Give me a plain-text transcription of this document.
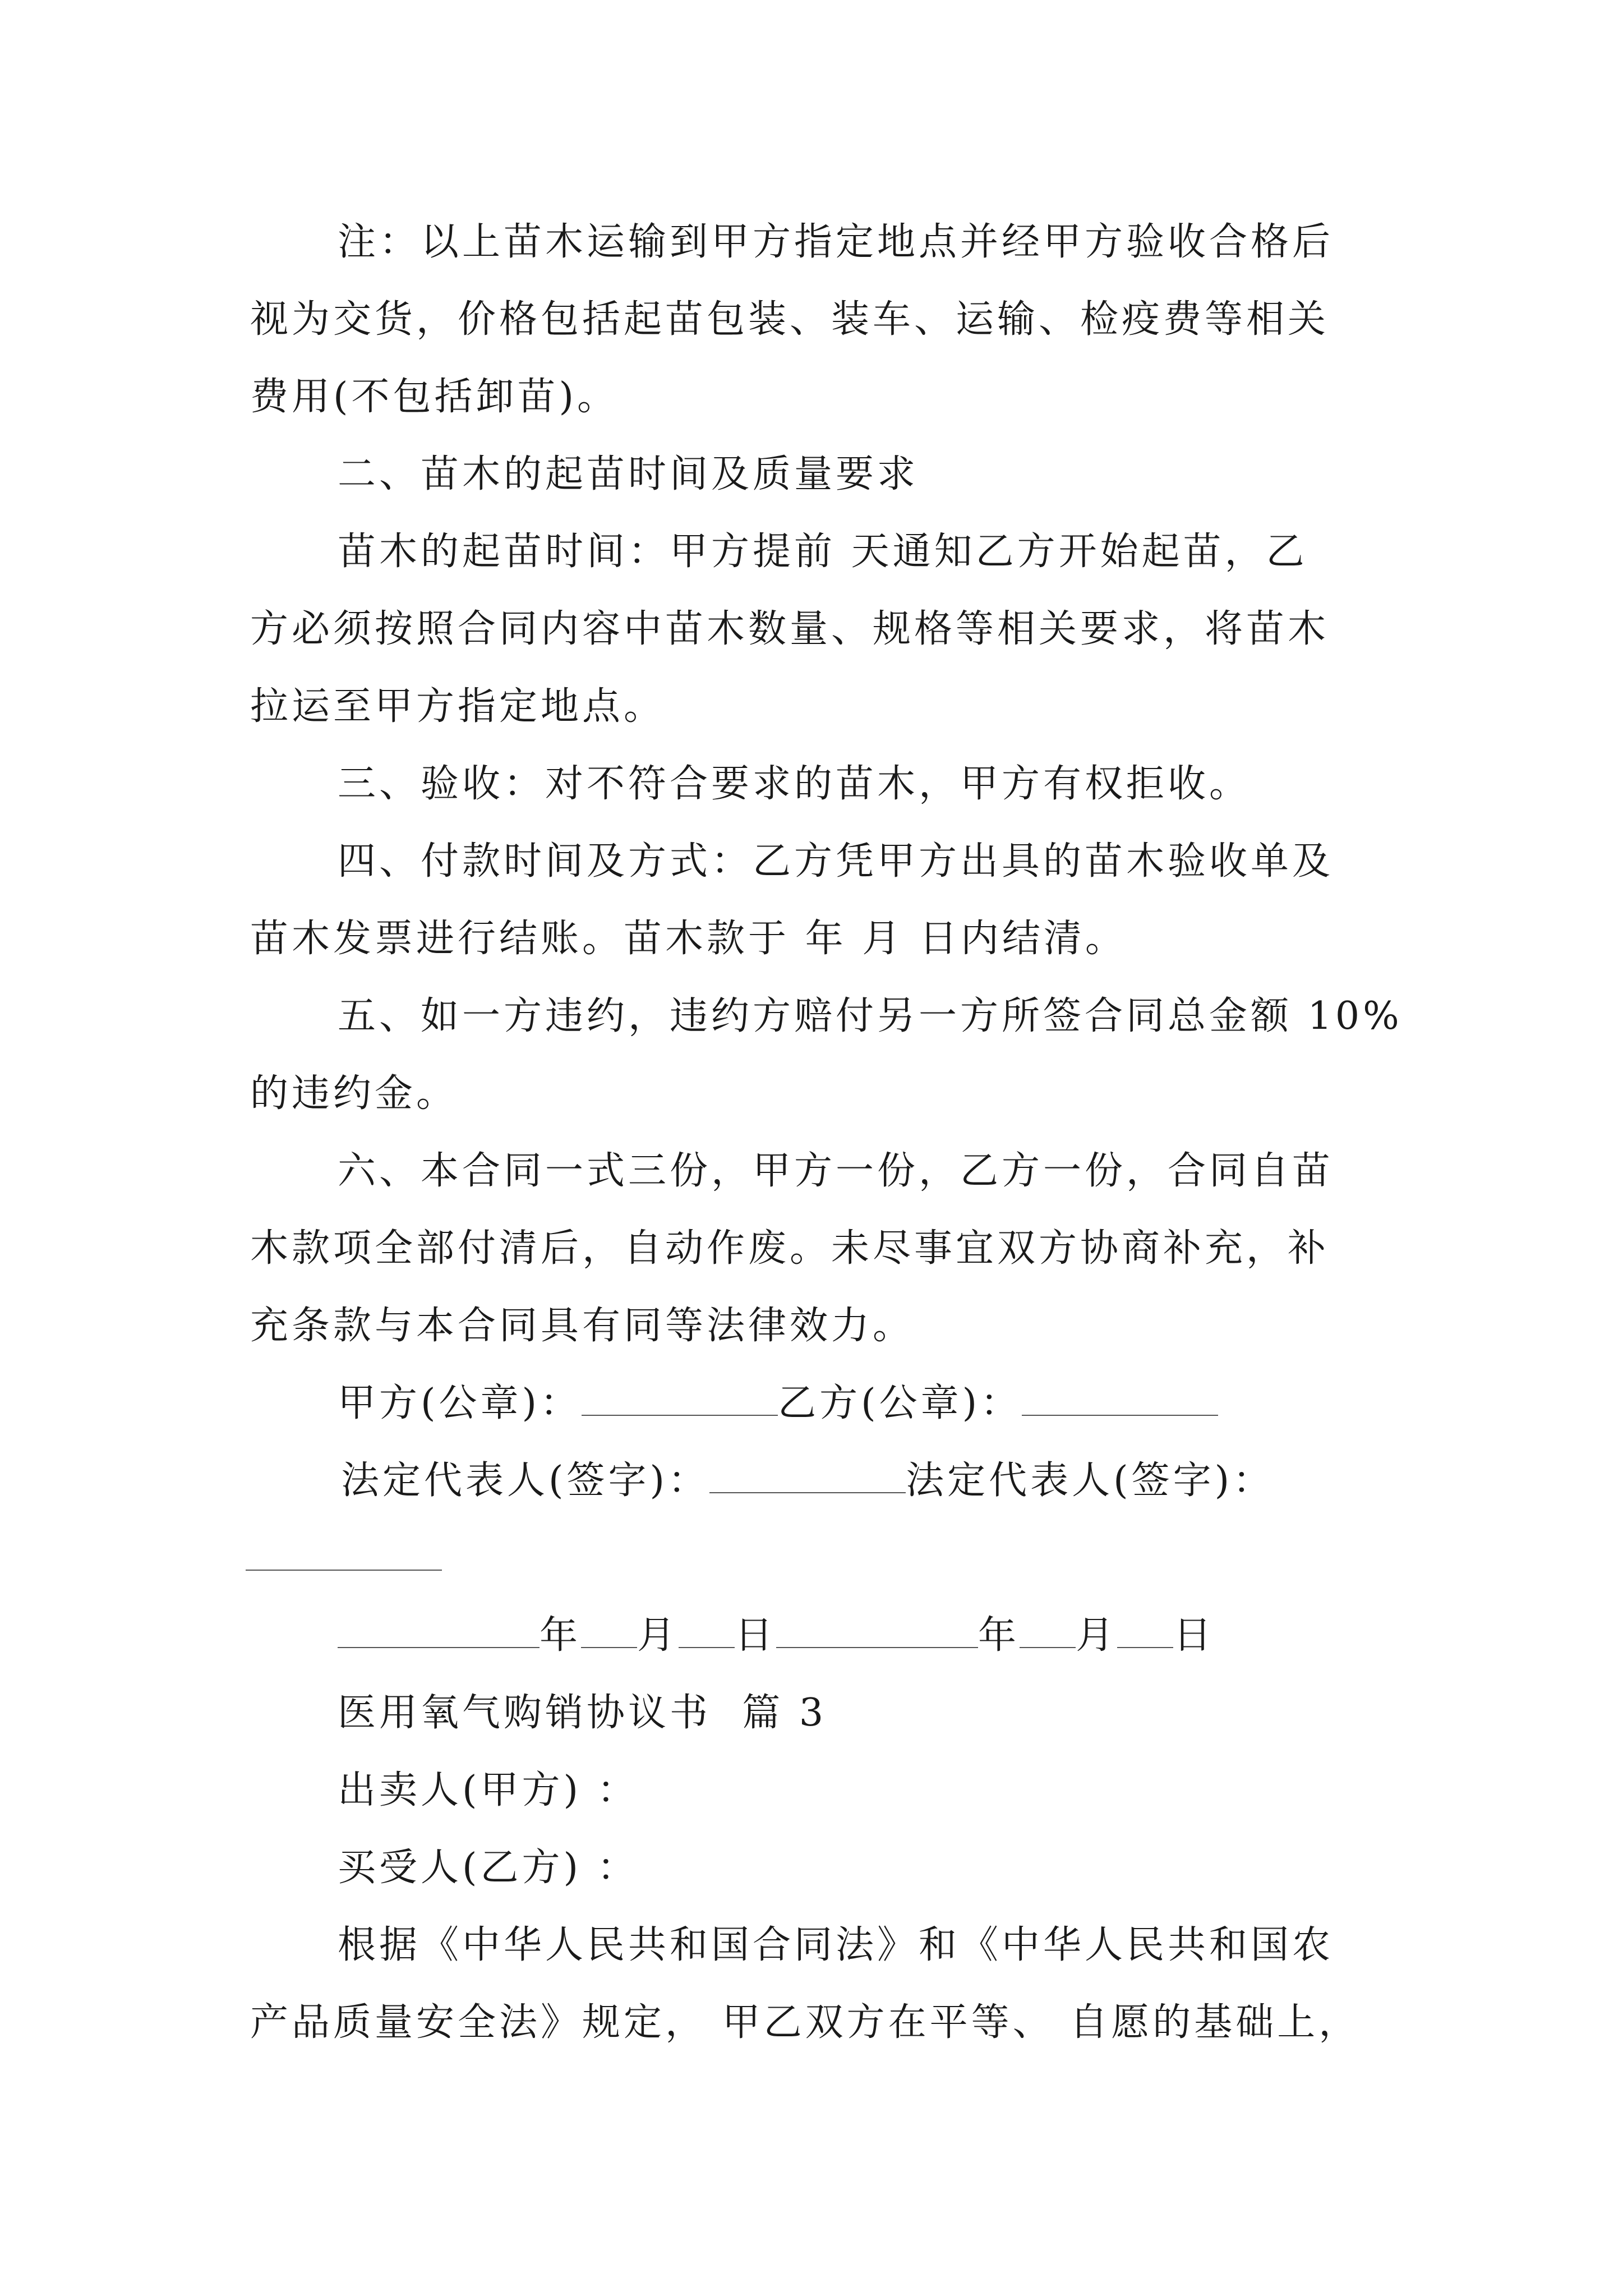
注：以上苗木运输到甲方指定地点并经甲方验收合格后
视为交货，价格包括起苗包装、装车、运输、检疫费等相关
费用(不包括卸苗)。
二、苗木的起苗时间及质量要求
苗木的起苗时间：甲方提前 天通知乙方开始起苗，乙
方必须按照合同内容中苗木数量、规格等相关要求，将苗木
拉运至甲方指定地点。
三、验收：对不符合要求的苗木，甲方有权拒收。
四、付款时间及方式：乙方凭甲方出具的苗木验收单及
苗木发票进行结账。苗木款于 年 月 日内结清。
五、如一方违约，违约方赔付另一方所签合同总金额 10%
的违约金。
六、本合同一式三份，甲方一份，乙方一份，合同自苗
木款项全部付清后，自动作废。未尽事宜双方协商补充，补
充条款与本合同具有同等法律效力。
甲方(公章)：	乙方(公章)：
法定代表人(签字)：	法定代表人(签字)：
年 月 日	年 月 日
医用氧气购销协议书  篇 3
出卖人(甲方) ：
买受人(乙方) ：
根据《中华人民共和国合同法》和《中华人民共和国农
产品质量安全法》规定， 甲乙双方在平等、 自愿的基础上，
